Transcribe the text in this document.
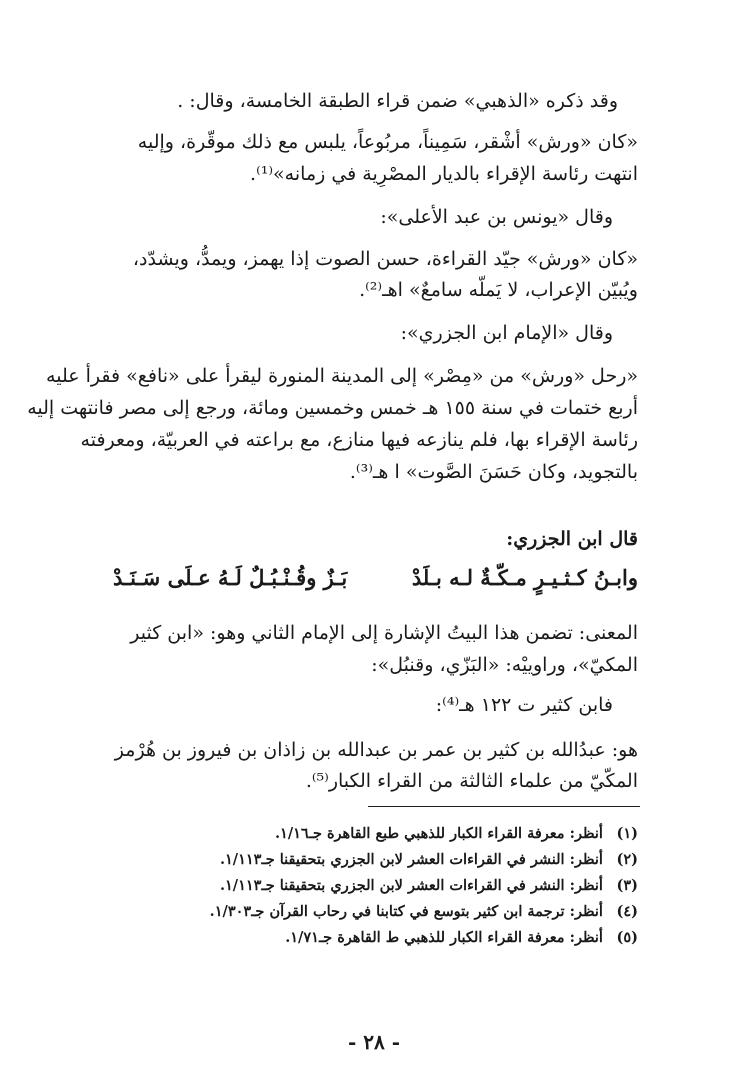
وقد ذكره «الذهبي» ضمن قراء الطبقة الخامسة، وقال: .
«كان «ورش» أشْقر، سَمِيناً، مربُوعاً، يلبس مع ذلك موقّرة، وإليه
انتهت رئاسة الإقراء بالديار المصْرِية في زمانه»⁽¹⁾.
وقال «يونس بن عبد الأعلى»:
«كان «ورش» جيّد القراءة، حسن الصوت إذا يهمز، ويمدُّ، ويشدّد،
ويُبيّن الإعراب، لا يَملّه سامعٌ» اهـ⁽²⁾.
وقال «الإمام ابن الجزري»:
«رحل «ورش» من «مِصْر» إلى المدينة المنورة ليقرأ على «نافع» فقرأ عليه
أربع ختمات في سنة ١٥٥ هـ خمس وخمسين ومائة، ورجع إلى مصر فانتهت إليه
رئاسة الإقراء بها، فلم ينازعه فيها منازع، مع براعته في العربيّة، ومعرفته
بالتجويد، وكان حَسَنَ الصَّوت» ا هـ⁽³⁾.
قال ابن الجزري:
وابـنُ كـثـيـرٍ مـكّـةٌ لـه بـلَدْ
بَـزٌ وقُـنْـبُـلٌ لَـهُ عـلَى سَـنَـدْ
المعنى: تضمن هذا البيتُ الإشارة إلى الإمام الثاني وهو: «ابن كثير
المكيّ»، وراوييْه: «البَزّي، وقنبُل»:
فابن كثير ت ١٢٢ هـ⁽⁴⁾:
هو: عبدُالله بن كثير بن عمر بن عبدالله بن زاذان بن فيروز بن هُرْمز
المكّيّ من علماء الثالثة من القراء الكبار⁽⁵⁾.
(١) أنظر: معرفة القراء الكبار للذهبي طبع القاهرة جـ١/١٦.
(٢) أنظر: النشر في القراءات العشر لابن الجزري بتحقيقنا جـ١/١١٣.
(٣) أنظر: النشر في القراءات العشر لابن الجزري بتحقيقنا جـ١/١١٣.
(٤) أنظر: ترجمة ابن كثير بتوسع في كتابنا في رحاب القرآن جـ١/٣٠٣.
(٥) أنظر: معرفة القراء الكبار للذهبي ط القاهرة جـ١/٧١.
- ٢٨ -
